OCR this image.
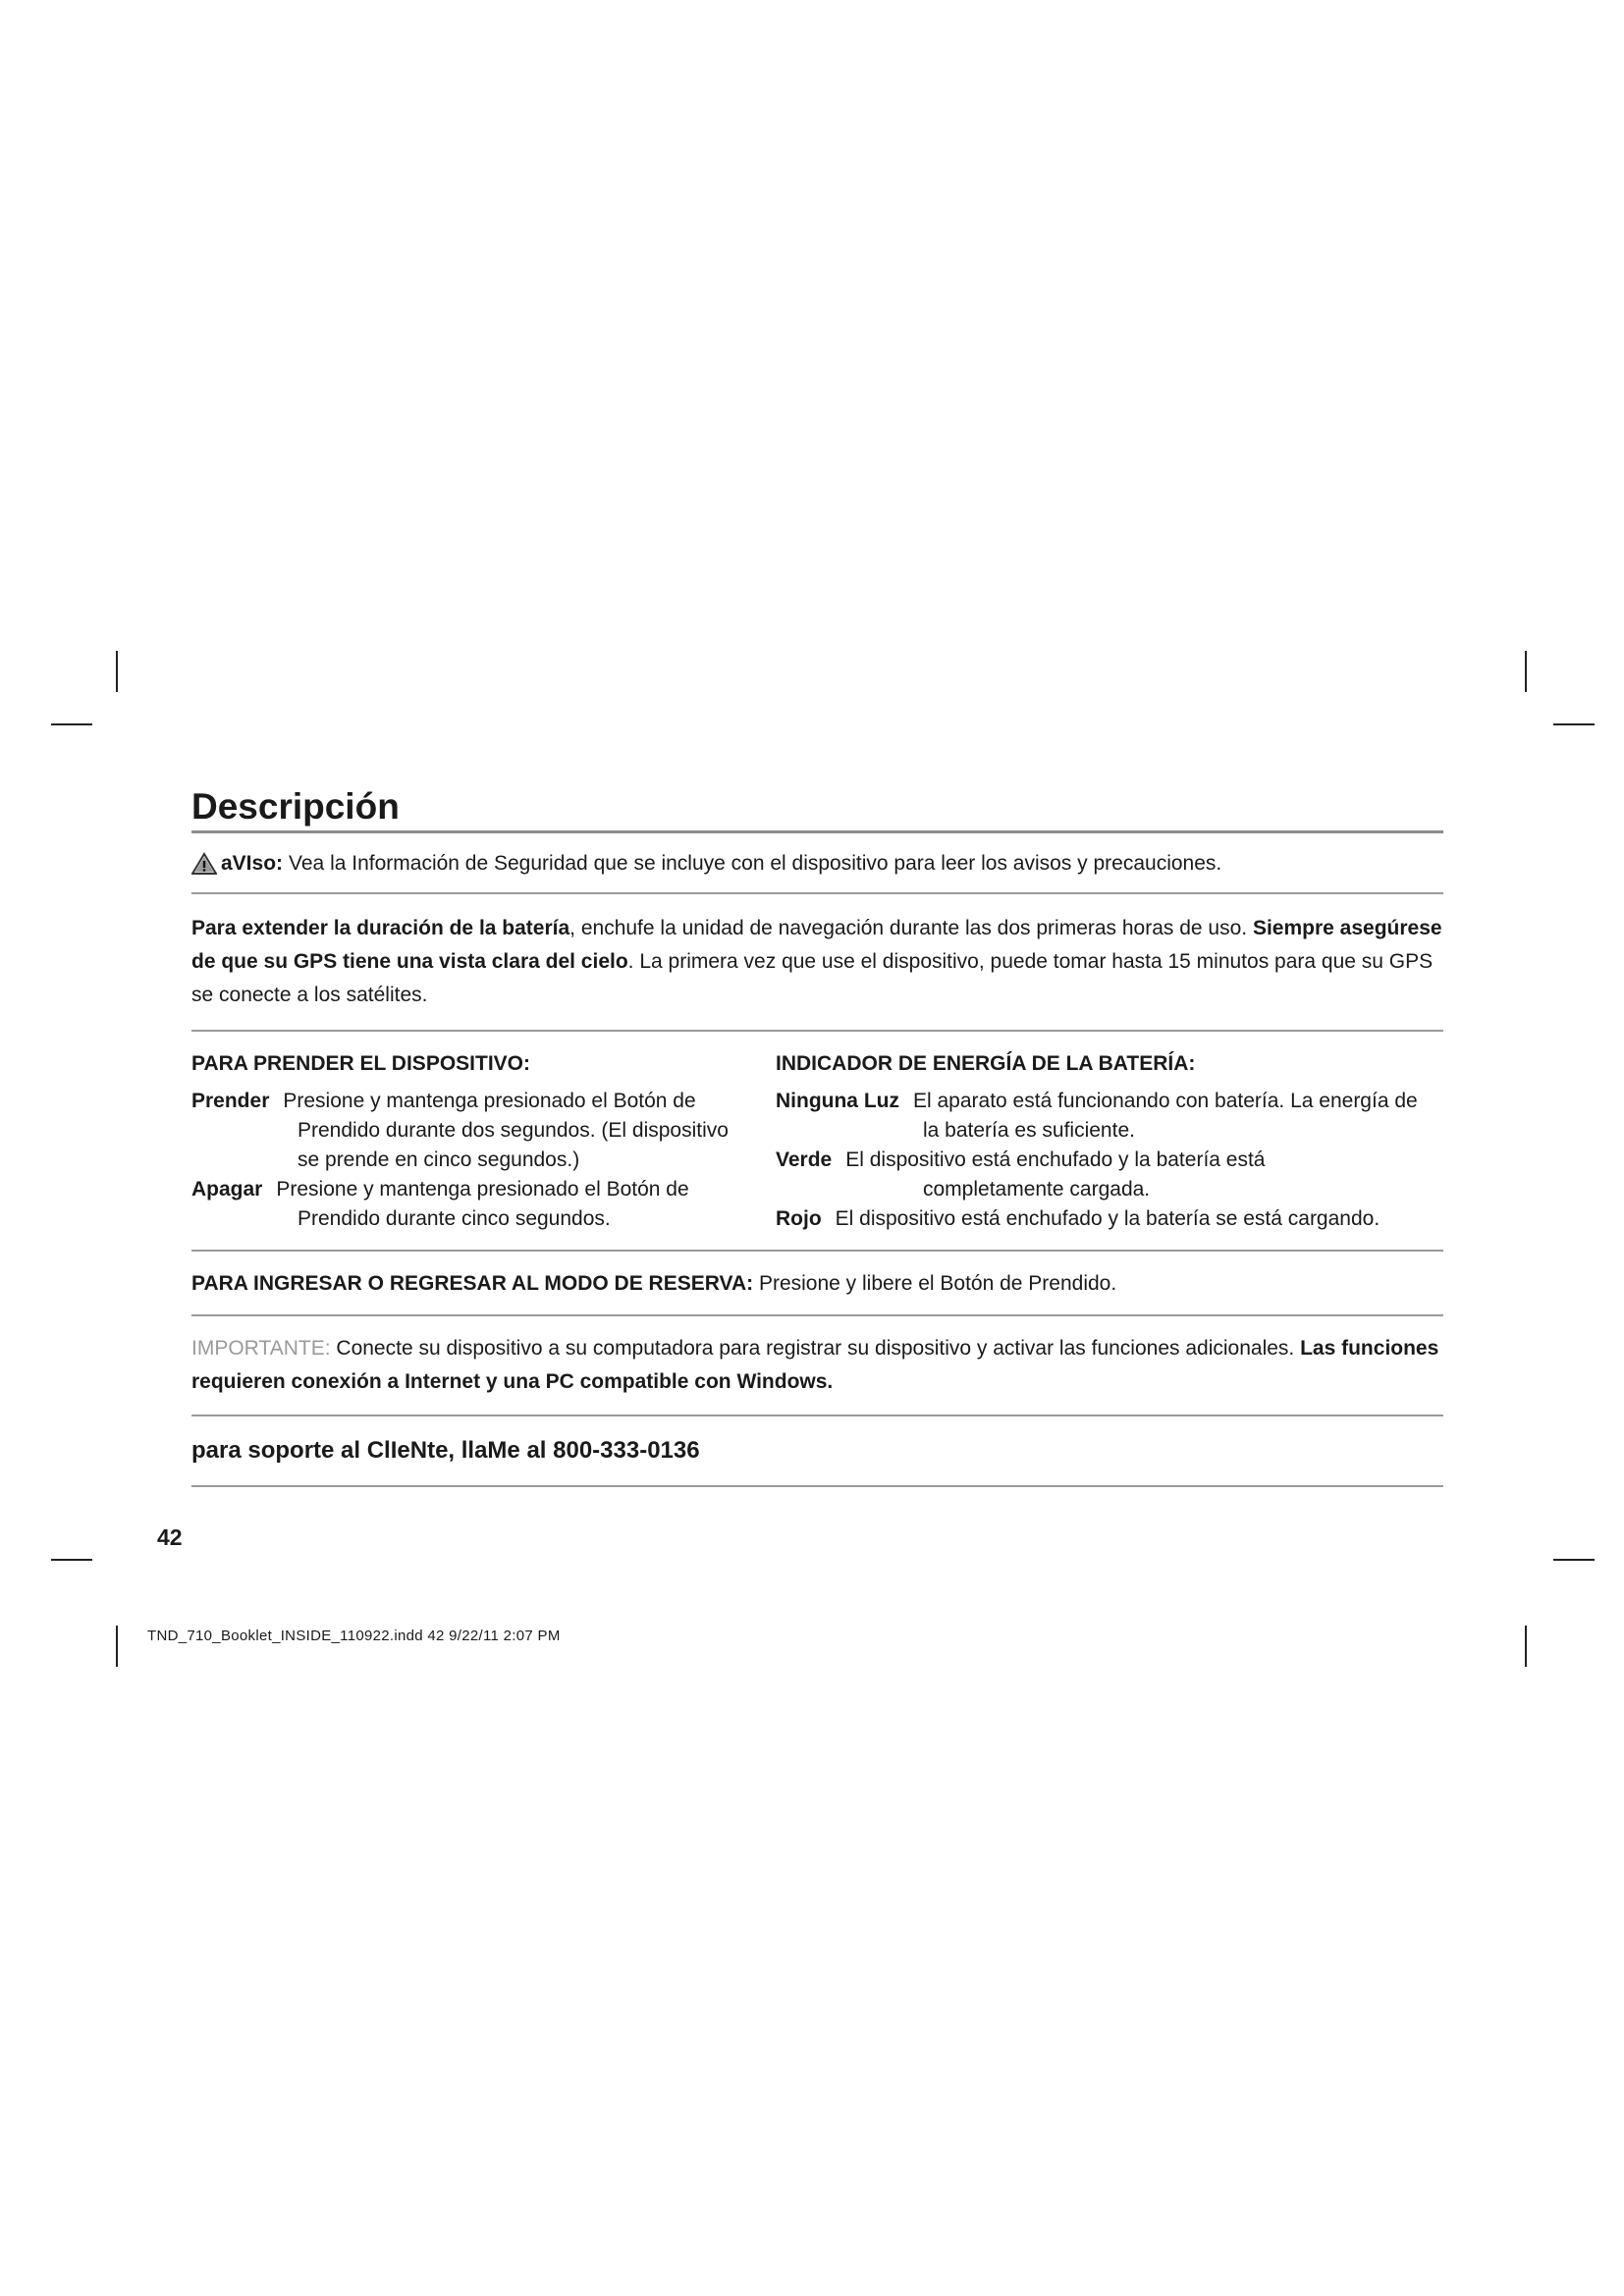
Descripción
aVIso: Vea la Información de Seguridad que se incluye con el dispositivo para leer los avisos y precauciones.
Para extender la duración de la batería, enchufe la unidad de navegación durante las dos primeras horas de uso. Siempre asegúrese de que su GPS tiene una vista clara del cielo. La primera vez que use el dispositivo, puede tomar hasta 15 minutos para que su GPS se conecte a los satélites.
PARA PRENDER EL DISPOSITIVO:
Prender Presione y mantenga presionado el Botón de
Prendido durante dos segundos. (El dispositivo
se prende en cinco segundos.)
Apagar Presione y mantenga presionado el Botón de
Prendido durante cinco segundos.
INDICADOR DE ENERGÍA DE LA BATERÍA:
Ninguna Luz El aparato está funcionando con batería. La energía de
la batería es suficiente.
Verde El dispositivo está enchufado y la batería está
completamente cargada.
Rojo El dispositivo está enchufado y la batería se está cargando.
PARA INGRESAR O REGRESAR AL MODO DE RESERVA: Presione y libere el Botón de Prendido.
IMPORTANTE: Conecte su dispositivo a su computadora para registrar su dispositivo y activar las funciones adicionales. Las funciones requieren conexión a Internet y una PC compatible con Windows.
para soporte al ClIeNte, llaMe al 800-333-0136
42
TND_710_Booklet_INSIDE_110922.indd 42 9/22/11 2:07 PM
